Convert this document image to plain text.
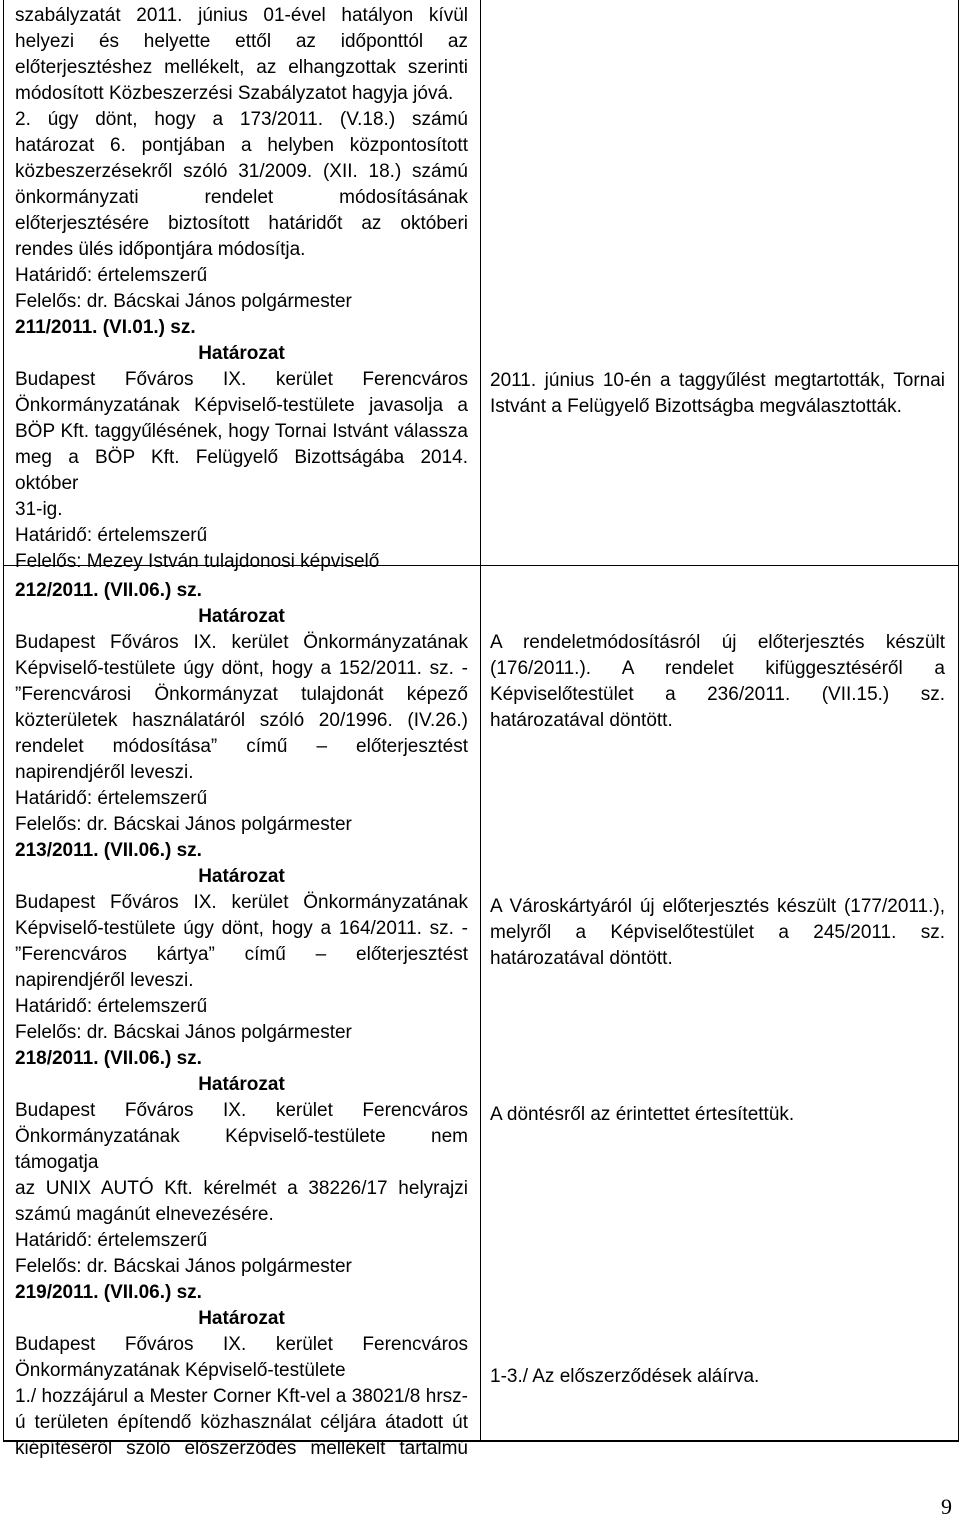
szabályzatát 2011. június 01-ével hatályon kívül

helyezi és helyette ettől az időponttól az

előterjesztéshez mellékelt, az elhangzottak szerinti

módosított Közbeszerzési Szabályzatot hagyja jóvá.

2. úgy dönt, hogy a 173/2011. (V.18.) számú

határozat 6. pontjában a helyben központosított

közbeszerzésekről szóló 31/2009. (XII. 18.) számú

önkormányzati rendelet módosításának

előterjesztésére biztosított határidőt az októberi

rendes ülés időpontjára módosítja.

Határidő: értelemszerű

Felelős: dr. Bácskai János polgármester

211/2011. (VI.01.) sz.

Határozat

Budapest Főváros IX. kerület Ferencváros

Önkormányzatának Képviselő-testülete javasolja a

BÖP Kft. taggyűlésének, hogy Tornai Istvánt válassza

meg a BÖP Kft. Felügyelő Bizottságába 2014. október

31-ig.

Határidő: értelemszerű

Felelős: Mezey István tulajdonosi képviselő

2011. június 10-én a taggyűlést megtartották, Tornai

Istvánt a Felügyelő Bizottságba megválasztották.

212/2011. (VII.06.) sz.

Határozat

Budapest Főváros IX. kerület Önkormányzatának

Képviselő-testülete úgy dönt, hogy a 152/2011. sz. -

”Ferencvárosi Önkormányzat tulajdonát képező

közterületek használatáról szóló 20/1996. (IV.26.)

rendelet módosítása” című – előterjesztést

napirendjéről leveszi.

Határidő: értelemszerű

Felelős: dr. Bácskai János polgármester

213/2011. (VII.06.) sz.

Határozat

Budapest Főváros IX. kerület Önkormányzatának

Képviselő-testülete úgy dönt, hogy a 164/2011. sz. -

”Ferencváros kártya” című – előterjesztést

napirendjéről leveszi.

Határidő: értelemszerű

Felelős: dr. Bácskai János polgármester

218/2011. (VII.06.) sz.

Határozat

Budapest Főváros IX. kerület Ferencváros

Önkormányzatának Képviselő-testülete nem támogatja

az UNIX AUTÓ Kft. kérelmét a 38226/17 helyrajzi

számú magánút elnevezésére.

Határidő: értelemszerű

Felelős: dr. Bácskai János polgármester

219/2011. (VII.06.) sz.

Határozat

Budapest Főváros IX. kerület Ferencváros

Önkormányzatának Képviselő-testülete

1./ hozzájárul a Mester Corner Kft-vel a 38021/8 hrsz-

ú területen építendő közhasználat céljára átadott út

kiépítéséről szóló előszerződés mellékelt tartalmú

A rendeletmódosításról új előterjesztés készült

(176/2011.). A rendelet kifüggesztéséről a

Képviselőtestület a 236/2011. (VII.15.) sz.

határozatával döntött.

A Városkártyáról új előterjesztés készült (177/2011.),

melyről a Képviselőtestület a 245/2011. sz.

határozatával döntött.

A döntésről az érintettet értesítettük.

1-3./ Az előszerződések aláírva.

9
